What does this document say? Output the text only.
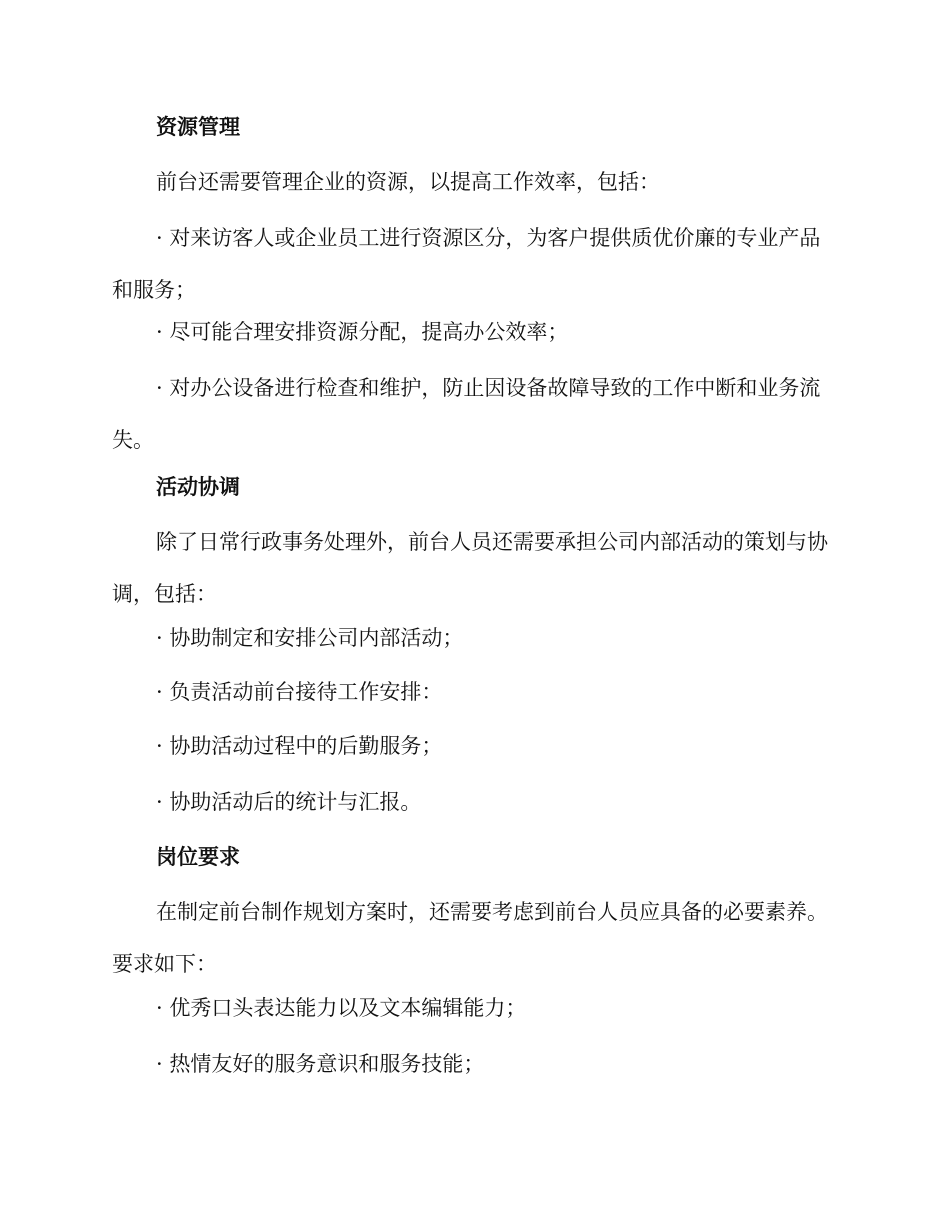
资源管理
前台还需要管理企业的资源，以提高工作效率，包括：
· 对来访客人或企业员工进行资源区分，为客户提供质优价廉的专业产品和服务；
· 尽可能合理安排资源分配，提高办公效率；
· 对办公设备进行检查和维护，防止因设备故障导致的工作中断和业务流失。
活动协调
除了日常行政事务处理外，前台人员还需要承担公司内部活动的策划与协调，包括：
· 协助制定和安排公司内部活动；
· 负责活动前台接待工作安排：
· 协助活动过程中的后勤服务；
· 协助活动后的统计与汇报。
岗位要求
在制定前台制作规划方案时，还需要考虑到前台人员应具备的必要素养。要求如下：
· 优秀口头表达能力以及文本编辑能力；
· 热情友好的服务意识和服务技能；
